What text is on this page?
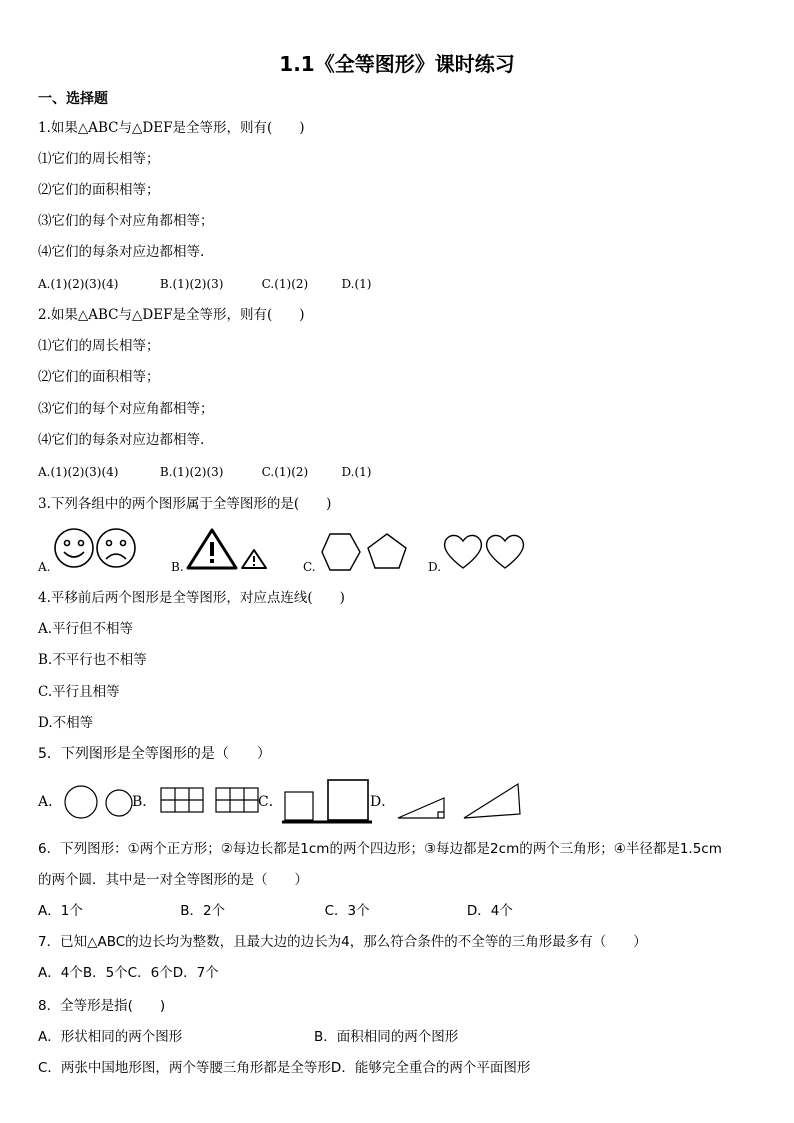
1.1《全等图形》课时练习
一、选择题
1.如果△ABC与△DEF是全等形，则有(　　)
⑴它们的周长相等；
⑵它们的面积相等；
⑶它们的每个对应角都相等；
⑷它们的每条对应边都相等.
A.(1)(2)(3)(4)	B.(1)(2)(3)	C.(1)(2)	D.(1)
2.如果△ABC与△DEF是全等形，则有(　　)
⑴它们的周长相等；
⑵它们的面积相等；
⑶它们的每个对应角都相等；
⑷它们的每条对应边都相等.
A.(1)(2)(3)(4)	B.(1)(2)(3)	C.(1)(2)	D.(1)
3.下列各组中的两个图形属于全等图形的是(　　)
A.	B.	C.	D.
4.平移前后两个图形是全等图形，对应点连线(　　)
A.平行但不相等
B.不平行也不相等
C.平行且相等
D.不相等
5．下列图形是全等图形的是（　　）
A．	B．	C．	D．
6．下列图形：①两个正方形；②每边长都是1cm的两个四边形；③每边都是2cm的两个三角形；④半径都是1.5cm
的两个圆．其中是一对全等图形的是（　　）
A．1个	B．2个	C．3个	D．4个
7．已知△ABC的边长均为整数，且最大边的边长为4，那么符合条件的不全等的三角形最多有（　　）
A．4个B．5个C．6个D．7个
8．全等形是指(　　)
A．形状相同的两个图形	B．面积相同的两个图形
C．两张中国地形图，两个等腰三角形都是全等形D．能够完全重合的两个平面图形
